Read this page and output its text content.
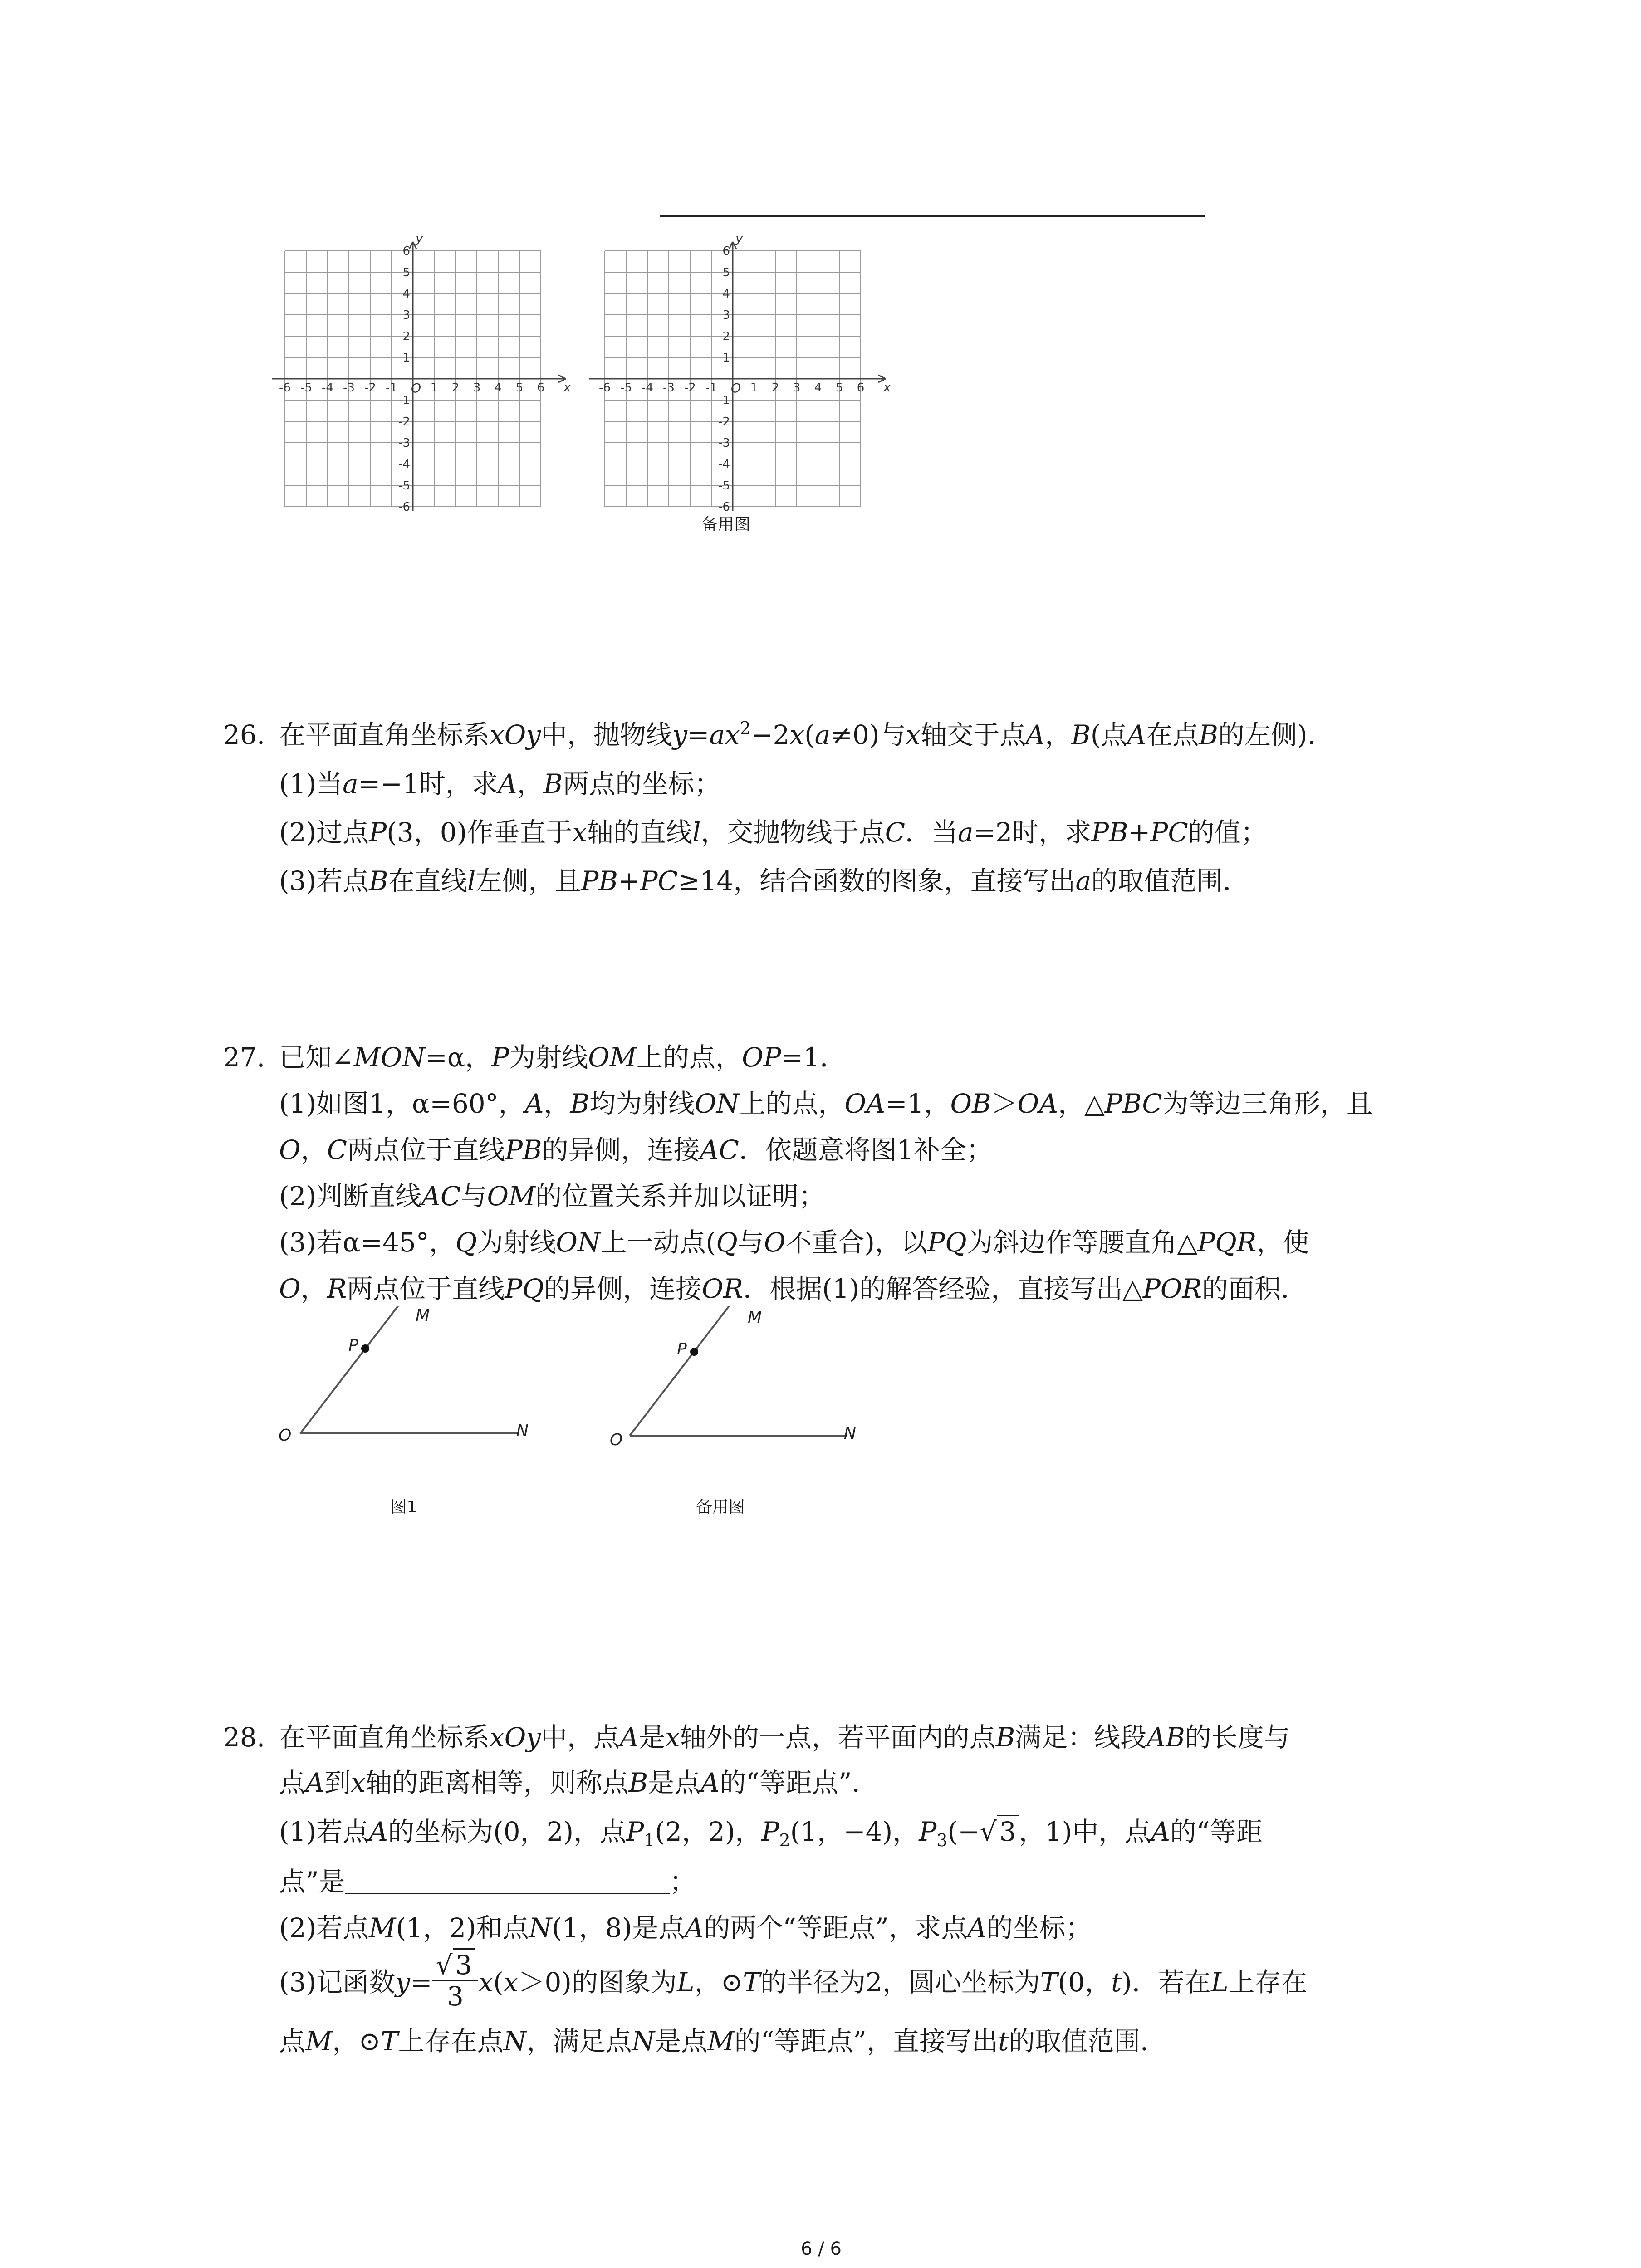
x
y
O
-6
-6
-5
-5
-4
-4
-3
-3
-2
-2
-1
-1
1
1
2
2
3
3
4
4
5
5
6
6
x
y
O
-6
-6
-5
-5
-4
-4
-3
-3
-2
-2
-1
-1
1
1
2
2
3
3
4
4
5
5
6
6
备用图
26. 在平面直角坐标系xOy中，抛物线$y=ax^2-2x(a\ne 0)$与x轴交于点A，B(点A在点B的左侧).
(1)当a=−1时，求A，B两点的坐标；
(2)过点P(3，0)作垂直于x轴的直线l，交抛物线于点C．当a=2时，求PB+PC的值；
(3)若点B在直线l左侧，且PB+PC≥14，结合函数的图象，直接写出a的取值范围．
27. 已知∠MON=α，P为射线OM上的点，OP=1．
(1)如图1，α=60°，A，B均为射线ON上的点，OA=1，OB＞OA，△PBC为等边三角形，且
O，C两点位于直线PB的异侧，连接AC．依题意将图1补全；
(2)判断直线AC与OM的位置关系并加以证明；
(3)若α=45°，Q为射线ON上一动点(Q与O不重合)，以PQ为斜边作等腰直角△PQR，使
O，R两点位于直线PQ的异侧，连接OR．根据(1)的解答经验，直接写出△POR的面积．
M
P
O	N
图1
M
P
O	N
备用图
28. 在平面直角坐标系xOy中，点A是x轴外的一点，若平面内的点B满足：线段AB的长度与
点A到x轴的距离相等，则称点B是点A的“等距点”．
(1)若点A的坐标为(0，2)，点$P_1(2$，2)，$P_2(1$，−4)，$P_3(-√$ 3 ，1)中，点A的“等距
点”是	；
(2)若点M(1，2)和点N(1，8)是点A的两个“等距点”，求点A的坐标；
(3)记函数$y= \frac{√ 3}{3} x(x>0)$的图象为L，⊙T的半径为2，圆心坐标为T(0，t)．若在L上存在
点M，⊙T上存在点N，满足点N是点M的“等距点”，直接写出t的取值范围．
6 / 6
